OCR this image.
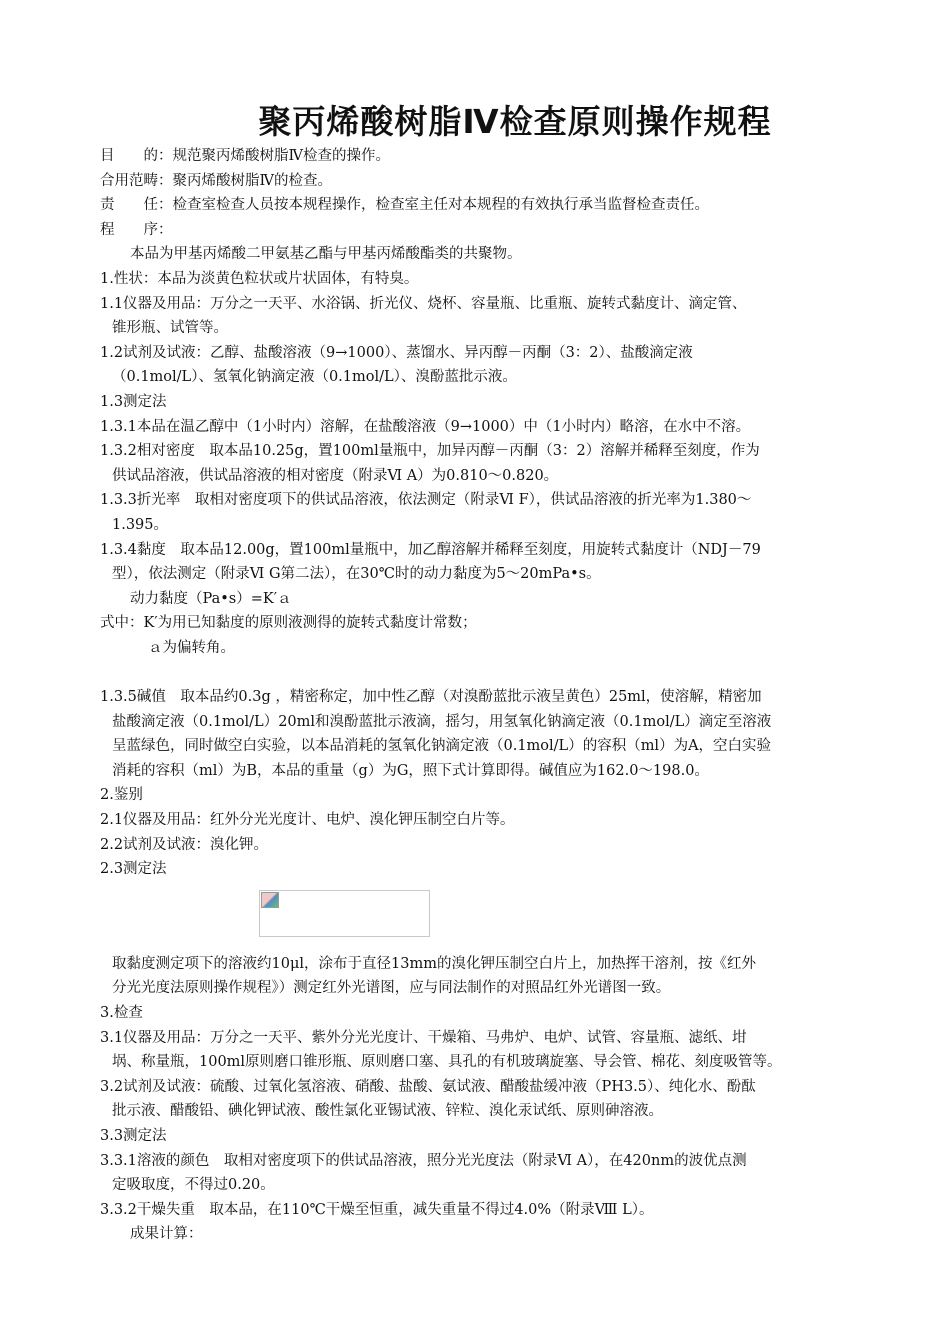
聚丙烯酸树脂Ⅳ检查原则操作规程
目　　的：规范聚丙烯酸树脂Ⅳ检查的操作。
合用范畴：聚丙烯酸树脂Ⅳ的检查。
责　　任：检查室检查人员按本规程操作，检查室主任对本规程的有效执行承当监督检查责任。
程　　序：
本品为甲基丙烯酸二甲氨基乙酯与甲基丙烯酸酯类的共聚物。
1.性状：本品为淡黄色粒状或片状固体，有特臭。
1.1仪器及用品：万分之一天平、水浴锅、折光仪、烧杯、容量瓶、比重瓶、旋转式黏度计、滴定管、
锥形瓶、试管等。
1.2试剂及试液：乙醇、盐酸溶液（9→1000）、蒸馏水、异丙醇－丙酮（3：2）、盐酸滴定液
（0.1mol/L）、氢氧化钠滴定液（0.1mol/L）、溴酚蓝批示液。
1.3测定法
1.3.1本品在温乙醇中（1小时内）溶解，在盐酸溶液（9→1000）中（1小时内）略溶，在水中不溶。
1.3.2相对密度　取本品10.25g，置100ml量瓶中，加异丙醇－丙酮（3：2）溶解并稀释至刻度，作为
供试品溶液，供试品溶液的相对密度（附录Ⅵ A）为0.810～0.820。
1.3.3折光率　取相对密度项下的供试品溶液，依法测定（附录Ⅵ F），供试品溶液的折光率为1.380～
1.395。
1.3.4黏度　取本品12.00g，置100ml量瓶中，加乙醇溶解并稀释至刻度，用旋转式黏度计（NDJ－79
型），依法测定（附录Ⅵ G第二法），在30℃时的动力黏度为5～20mPa•s。
动力黏度（Pa•s）=K′ａ
式中：K′为用已知黏度的原则液测得的旋转式黏度计常数；
ａ为偏转角。
1.3.5碱值　取本品约0.3g ，精密称定，加中性乙醇（对溴酚蓝批示液呈黄色）25ml，使溶解，精密加
盐酸滴定液（0.1mol/L）20ml和溴酚蓝批示液滴，摇匀，用氢氧化钠滴定液（0.1mol/L）滴定至溶液
呈蓝绿色，同时做空白实验，以本品消耗的氢氧化钠滴定液（0.1mol/L）的容积（ml）为A，空白实验
消耗的容积（ml）为B，本品的重量（g）为G，照下式计算即得。碱值应为162.0～198.0。
2.鉴别
2.1仪器及用品：红外分光光度计、电炉、溴化钾压制空白片等。
2.2试剂及试液：溴化钾。
2.3测定法
取黏度测定项下的溶液约10μl，涂布于直径13mm的溴化钾压制空白片上，加热挥干溶剂，按《红外
分光光度法原则操作规程》）测定红外光谱图，应与同法制作的对照品红外光谱图一致。
3.检查
3.1仪器及用品：万分之一天平、紫外分光光度计、干燥箱、马弗炉、电炉、试管、容量瓶、滤纸、坩
埚、称量瓶，100ml原则磨口锥形瓶、原则磨口塞、具孔的有机玻璃旋塞、导会管、棉花、刻度吸管等。
3.2试剂及试液：硫酸、过氧化氢溶液、硝酸、盐酸、氨试液、醋酸盐缓冲液（PH3.5）、纯化水、酚酞
批示液、醋酸铅、碘化钾试液、酸性氯化亚锡试液、锌粒、溴化汞试纸、原则砷溶液。
3.3测定法
3.3.1溶液的颜色　取相对密度项下的供试品溶液，照分光光度法（附录Ⅵ A），在420nm的波优点测
定吸取度，不得过0.20。
3.3.2干燥失重　取本品，在110℃干燥至恒重，减失重量不得过4.0%（附录Ⅷ L）。
成果计算：
